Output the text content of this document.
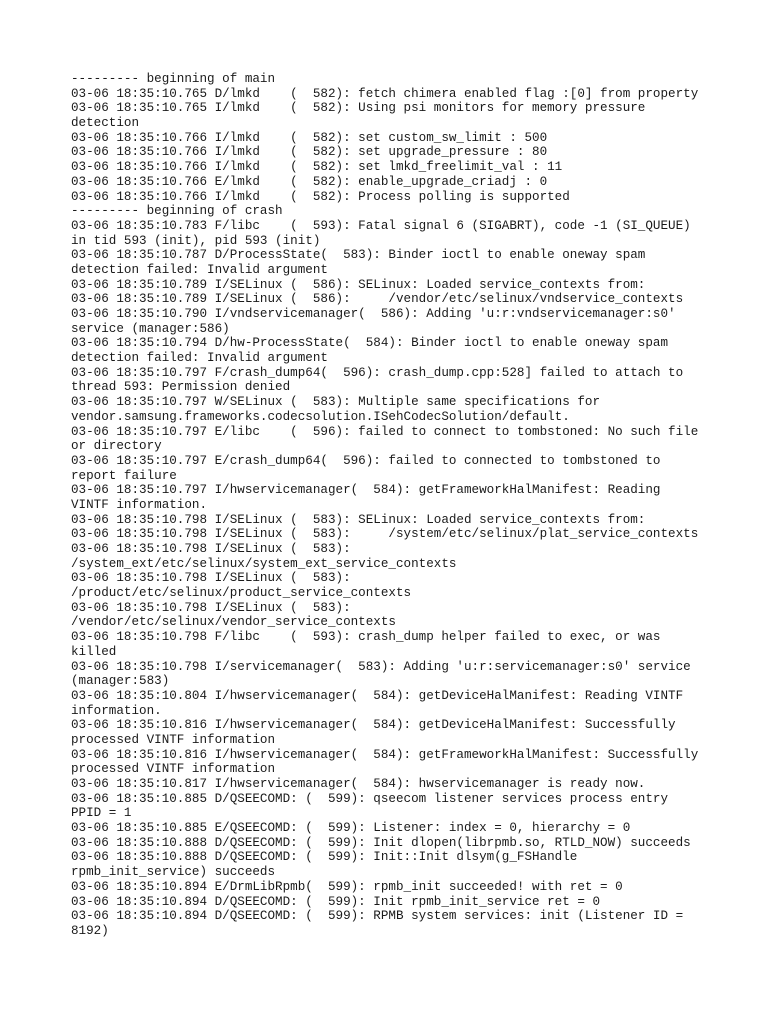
--------- beginning of main
03-06 18:35:10.765 D/lmkd    (  582): fetch chimera enabled flag :[0] from property
03-06 18:35:10.765 I/lmkd    (  582): Using psi monitors for memory pressure
detection
03-06 18:35:10.766 I/lmkd    (  582): set custom_sw_limit : 500
03-06 18:35:10.766 I/lmkd    (  582): set upgrade_pressure : 80
03-06 18:35:10.766 I/lmkd    (  582): set lmkd_freelimit_val : 11
03-06 18:35:10.766 E/lmkd    (  582): enable_upgrade_criadj : 0
03-06 18:35:10.766 I/lmkd    (  582): Process polling is supported
--------- beginning of crash
03-06 18:35:10.783 F/libc    (  593): Fatal signal 6 (SIGABRT), code -1 (SI_QUEUE)
in tid 593 (init), pid 593 (init)
03-06 18:35:10.787 D/ProcessState(  583): Binder ioctl to enable oneway spam
detection failed: Invalid argument
03-06 18:35:10.789 I/SELinux (  586): SELinux: Loaded service_contexts from:
03-06 18:35:10.789 I/SELinux (  586):     /vendor/etc/selinux/vndservice_contexts
03-06 18:35:10.790 I/vndservicemanager(  586): Adding 'u:r:vndservicemanager:s0'
service (manager:586)
03-06 18:35:10.794 D/hw-ProcessState(  584): Binder ioctl to enable oneway spam
detection failed: Invalid argument
03-06 18:35:10.797 F/crash_dump64(  596): crash_dump.cpp:528] failed to attach to
thread 593: Permission denied
03-06 18:35:10.797 W/SELinux (  583): Multiple same specifications for
vendor.samsung.frameworks.codecsolution.ISehCodecSolution/default.
03-06 18:35:10.797 E/libc    (  596): failed to connect to tombstoned: No such file
or directory
03-06 18:35:10.797 E/crash_dump64(  596): failed to connected to tombstoned to
report failure
03-06 18:35:10.797 I/hwservicemanager(  584): getFrameworkHalManifest: Reading
VINTF information.
03-06 18:35:10.798 I/SELinux (  583): SELinux: Loaded service_contexts from:
03-06 18:35:10.798 I/SELinux (  583):     /system/etc/selinux/plat_service_contexts
03-06 18:35:10.798 I/SELinux (  583):
/system_ext/etc/selinux/system_ext_service_contexts
03-06 18:35:10.798 I/SELinux (  583):
/product/etc/selinux/product_service_contexts
03-06 18:35:10.798 I/SELinux (  583):
/vendor/etc/selinux/vendor_service_contexts
03-06 18:35:10.798 F/libc    (  593): crash_dump helper failed to exec, or was
killed
03-06 18:35:10.798 I/servicemanager(  583): Adding 'u:r:servicemanager:s0' service
(manager:583)
03-06 18:35:10.804 I/hwservicemanager(  584): getDeviceHalManifest: Reading VINTF
information.
03-06 18:35:10.816 I/hwservicemanager(  584): getDeviceHalManifest: Successfully
processed VINTF information
03-06 18:35:10.816 I/hwservicemanager(  584): getFrameworkHalManifest: Successfully
processed VINTF information
03-06 18:35:10.817 I/hwservicemanager(  584): hwservicemanager is ready now.
03-06 18:35:10.885 D/QSEECOMD: (  599): qseecom listener services process entry
PPID = 1
03-06 18:35:10.885 E/QSEECOMD: (  599): Listener: index = 0, hierarchy = 0
03-06 18:35:10.888 D/QSEECOMD: (  599): Init dlopen(librpmb.so, RTLD_NOW) succeeds
03-06 18:35:10.888 D/QSEECOMD: (  599): Init::Init dlsym(g_FSHandle
rpmb_init_service) succeeds
03-06 18:35:10.894 E/DrmLibRpmb(  599): rpmb_init succeeded! with ret = 0
03-06 18:35:10.894 D/QSEECOMD: (  599): Init rpmb_init_service ret = 0
03-06 18:35:10.894 D/QSEECOMD: (  599): RPMB system services: init (Listener ID =
8192)
